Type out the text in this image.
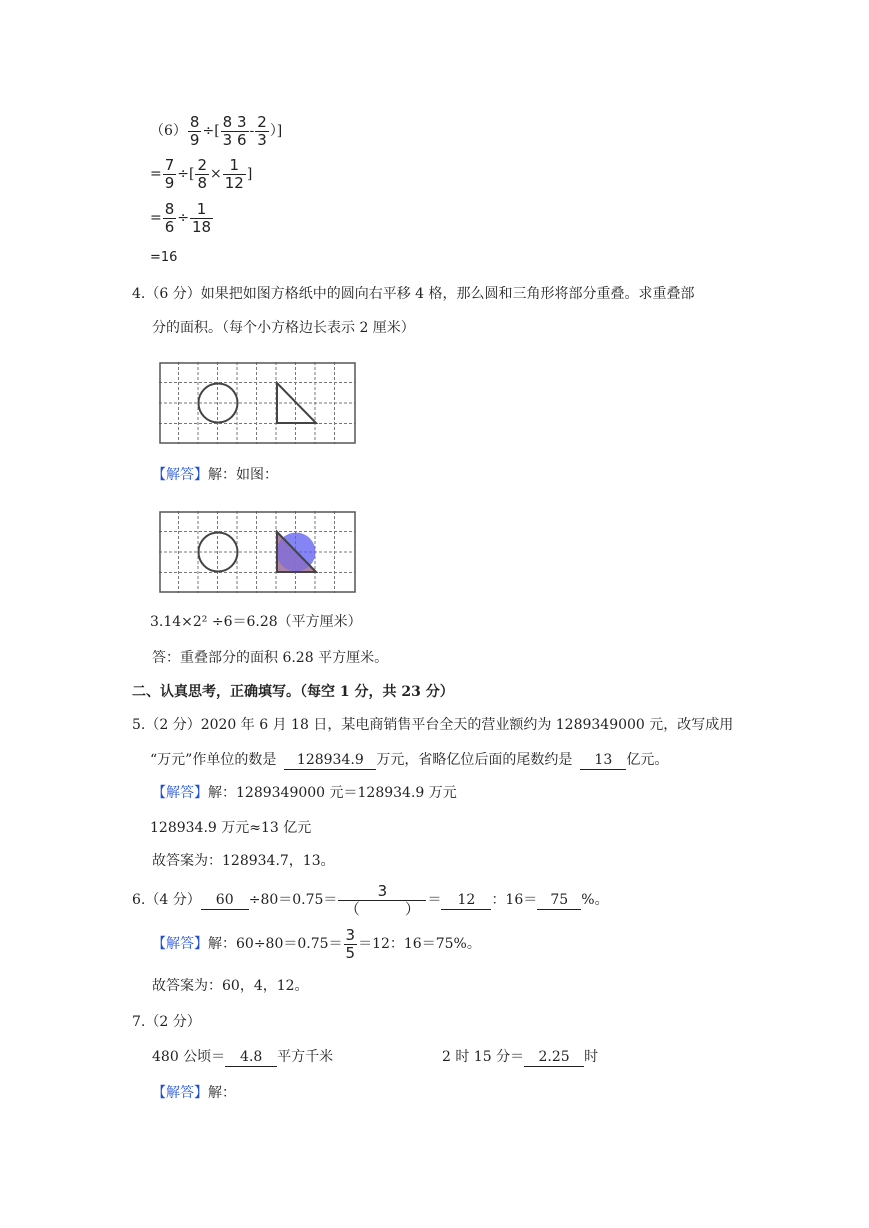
$(6) \frac{8}{9}$ ÷[ $\frac{8 3}{3 6} - \frac{2}{3}$ ）]
= $\frac{7}{9}$ ÷[ $\frac{2}{8} \times \frac{1}{12}$ ]
= $\frac{8}{6} \div \frac{1}{18}$
=16
4.（6 分）如果把如图方格纸中的圆向右平移 4 格，那么圆和三角形将部分重叠。求重叠部
分的面积。（每个小方格边长表示 2 厘米）
【解答】解：如图：
3.14×2² ÷6＝6.28（平方厘米）
答：重叠部分的面积 6.28 平方厘米。
二、认真思考，正确填写。（每空 1 分，共 23 分）
5.（2 分）2020 年 6 月 18 日，某电商销售平台全天的营业额约为 1289349000 元，改写成用
“万元”作单位的数是 128934.9 万元，省略亿位后面的尾数约是 13 亿元。
【解答】解：1289349000 元＝128934.9 万元
128934.9 万元≈13 亿元
故答案为：128934.7，13。
6.（4 分） $60 \div 80=0.75= \frac{3}{( )} = 12$ ：16＝ 75 %。
【解答】解：$60\div 80=0.75= \frac{3}{5} =12$：16＝75%。
故答案为：60，4，12。
7.（2 分）
480 公顷＝ 4.8 平方千米	2 时 15 分＝ 2.25 时
【解答】解：
